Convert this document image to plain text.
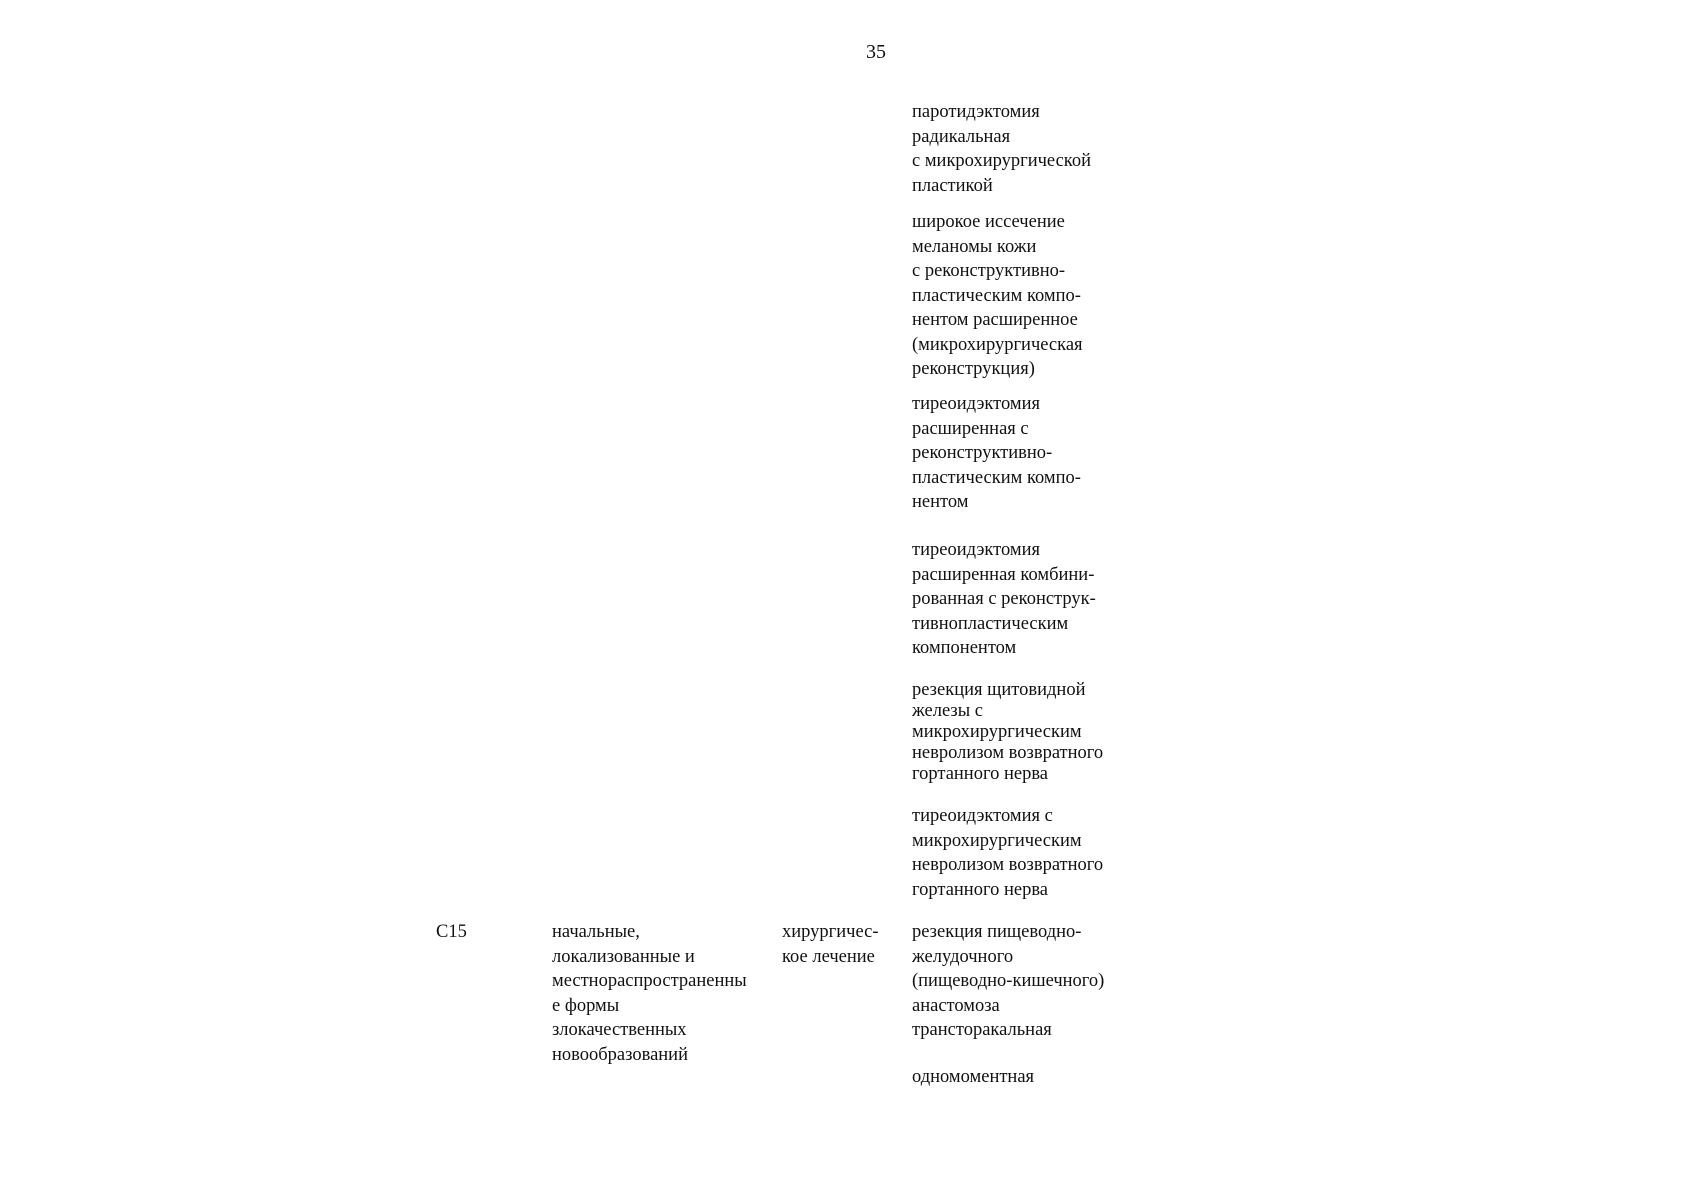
35
паротидэктомия
радикальная
с микрохирургической
пластикой
широкое иссечение
меланомы кожи
с реконструктивно-
пластическим компо-
нентом расширенное
(микрохирургическая
реконструкция)
тиреоидэктомия
расширенная с
реконструктивно-
пластическим компо-
нентом
тиреоидэктомия
расширенная комбини-
рованная с реконструк-
тивнопластическим
компонентом
резекция щитовидной
железы с
микрохирургическим
невролизом возвратного
гортанного нерва
тиреоидэктомия с
микрохирургическим
невролизом возвратного
гортанного нерва
С15	начальные,
локализованные и
местнораспространенны
е формы
злокачественных
новообразований
хирургичес-
кое лечение
резекция пищеводно-
желудочного
(пищеводно-кишечного)
анастомоза
трансторакальная
одномоментная
